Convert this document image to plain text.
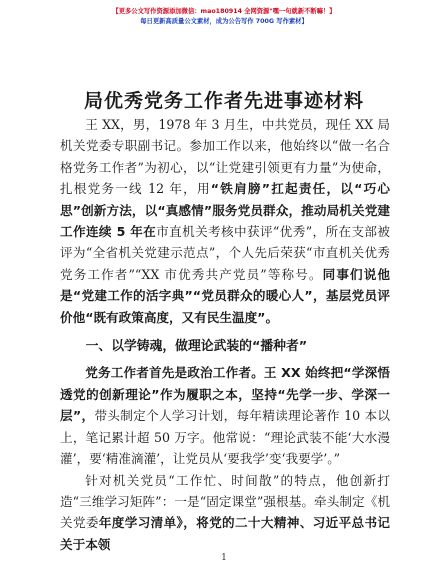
【更多公文写作资源添加微信：mao180914 全网资源"嘿一句就新不断嘛！】
每日更新高质量公文素材，成为公告写作 700G 写作素材】
局优秀党务工作者先进事迹材料

王 XX，男，1978 年 3 月生，中共党员，现任 XX 局机关党委专职副书记。参加工作以来，他始终以“做一名合格党务工作者”为初心，以“让党建引领更有力量”为使命，扎根党务一线 12 年，用“铁肩膀”扛起责任，以“巧心思”创新方法，以“真感情”服务党员群众，推动局机关党建工作连续 5 年在市直机关考核中获评“优秀”，所在支部被评为“全省机关党建示范点”，个人先后荣获“市直机关优秀党务工作者”“XX 市优秀共产党员”等称号。同事们说他是“党建工作的活字典”“党员群众的暖心人”，基层党员评价他“既有政策高度，又有民生温度”。

一、以学铸魂，做理论武装的“播种者”

党务工作者首先是政治工作者。王 XX 始终把“学深悟透党的创新理论”作为履职之本，坚持“先学一步、学深一层”，带头制定个人学习计划，每年精读理论著作 10 本以上，笔记累计超 50 万字。他常说：“理论武装不能‘大水漫灌’，要‘精准滴灌’，让党员从‘要我学’变‘我要学’。”

针对机关党员“工作忙、时间散”的特点，他创新打造“三维学习矩阵”：一是“固定课堂”强根基。牵头制定《机关党委年度学习清单》，将党的二十大精神、习近平总书记关于本领

1
